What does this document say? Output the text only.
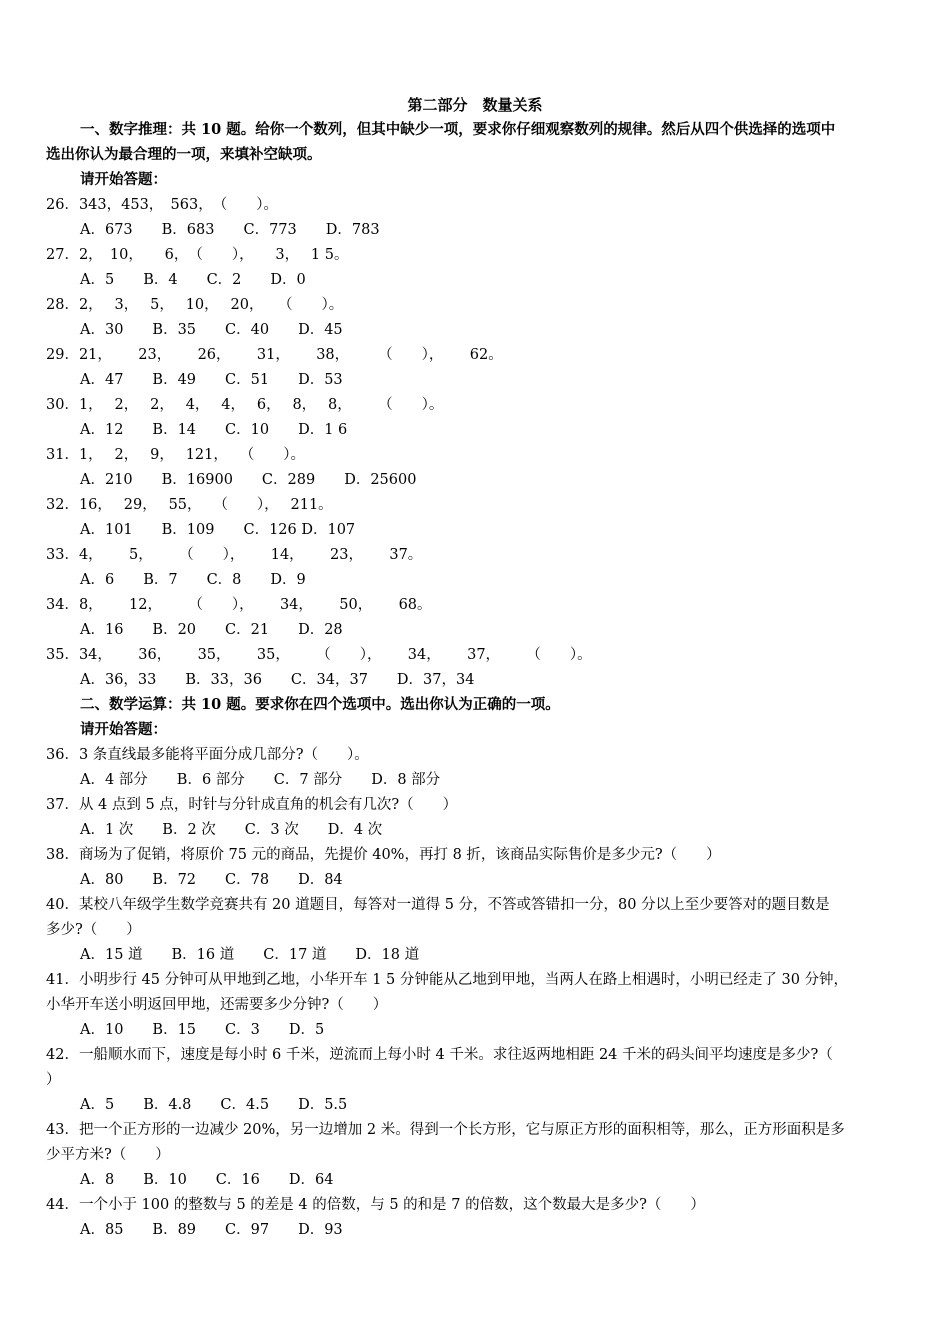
第二部分　数量关系
一、数字推理：共 10 题。给你一个数列，但其中缺少一项，要求你仔细观察数列的规律。然后从四个供选择的选项中
选出你认为最合理的一项，来填补空缺项。
请开始答题：
26．343，453，　563，　（　　）。
A．673　　B．683　　C．773　　D．783
27．2，　10，　　6，　（　　），　　3，　 1 5。
A．5　　B．4　　C．2　　D．0
28．2，　 3，　 5，　 10，　 20，　　（　　）。
A．30　　B．35　　C．40　　D．45
29．21，　　 23，　　 26，　　 31，　　 38，　　　（　　），　　 62。
A．47　　B．49　　C．51　　D．53
30．1，　 2，　 2，　 4，　 4，　 6，　 8，　 8，　　 （　　）。
A．12　　B．14　　C．10　　D．1 6
31．1，　 2，　 9，　 121，　 （　　）。
A．210　　B．16900　　C．289　　D．25600
32．16，　 29，　 55，　 （　　），　 211。
A．101　　B．109　　C．126 D．107
33．4，　　 5，　　 （　　），　　 14，　　 23，　　 37。
A．6　　B．7　　C．8　　D．9
34．8，　　 12，　　 （　　），　　 34，　　 50，　　 68。
A．16　　B．20　　C．21　　D．28
35．34，　　 36，　　 35，　　 35，　　 （　　），　　 34，　　 37，　　 （　　）。
A．36，33　　B．33，36　　C．34，37　　D．37，34
二、数学运算：共 10 题。要求你在四个选项中。选出你认为正确的一项。
请开始答题：
36．3 条直线最多能将平面分成几部分?（　　）。
A．4 部分　　B．6 部分　　C．7 部分　　D．8 部分
37．从 4 点到 5 点，时针与分针成直角的机会有几次?（　　）
A．1 次　　B．2 次　　C．3 次　　D．4 次
38．商场为了促销，将原价 75 元的商品，先提价 40%，再打 8 折，该商品实际售价是多少元?（　　）
A．80　　B．72　　C．78　　D．84
40．某校八年级学生数学竞赛共有 20 道题目，每答对一道得 5 分，不答或答错扣一分，80 分以上至少要答对的题目数是
多少?（　　）
A．15 道　　B．16 道　　C．17 道　　D．18 道
41．小明步行 45 分钟可从甲地到乙地，小华开车 1 5 分钟能从乙地到甲地，当两人在路上相遇时，小明已经走了 30 分钟，
小华开车送小明返回甲地，还需要多少分钟?（　　）
A．10　　B．15　　C．3　　D．5
42．一船顺水而下，速度是每小时 6 千米，逆流而上每小时 4 千米。求往返两地相距 24 千米的码头间平均速度是多少?（
）
A．5　　B．4.8　　C．4.5　　D．5.5
43．把一个正方形的一边减少 20%，另一边增加 2 米。得到一个长方形，它与原正方形的面积相等，那么，正方形面积是多
少平方米?（　　）
A．8　　B．10　　C．16　　D．64
44．一个小于 100 的整数与 5 的差是 4 的倍数，与 5 的和是 7 的倍数，这个数最大是多少?（　　）
A．85　　B．89　　C．97　　D．93
